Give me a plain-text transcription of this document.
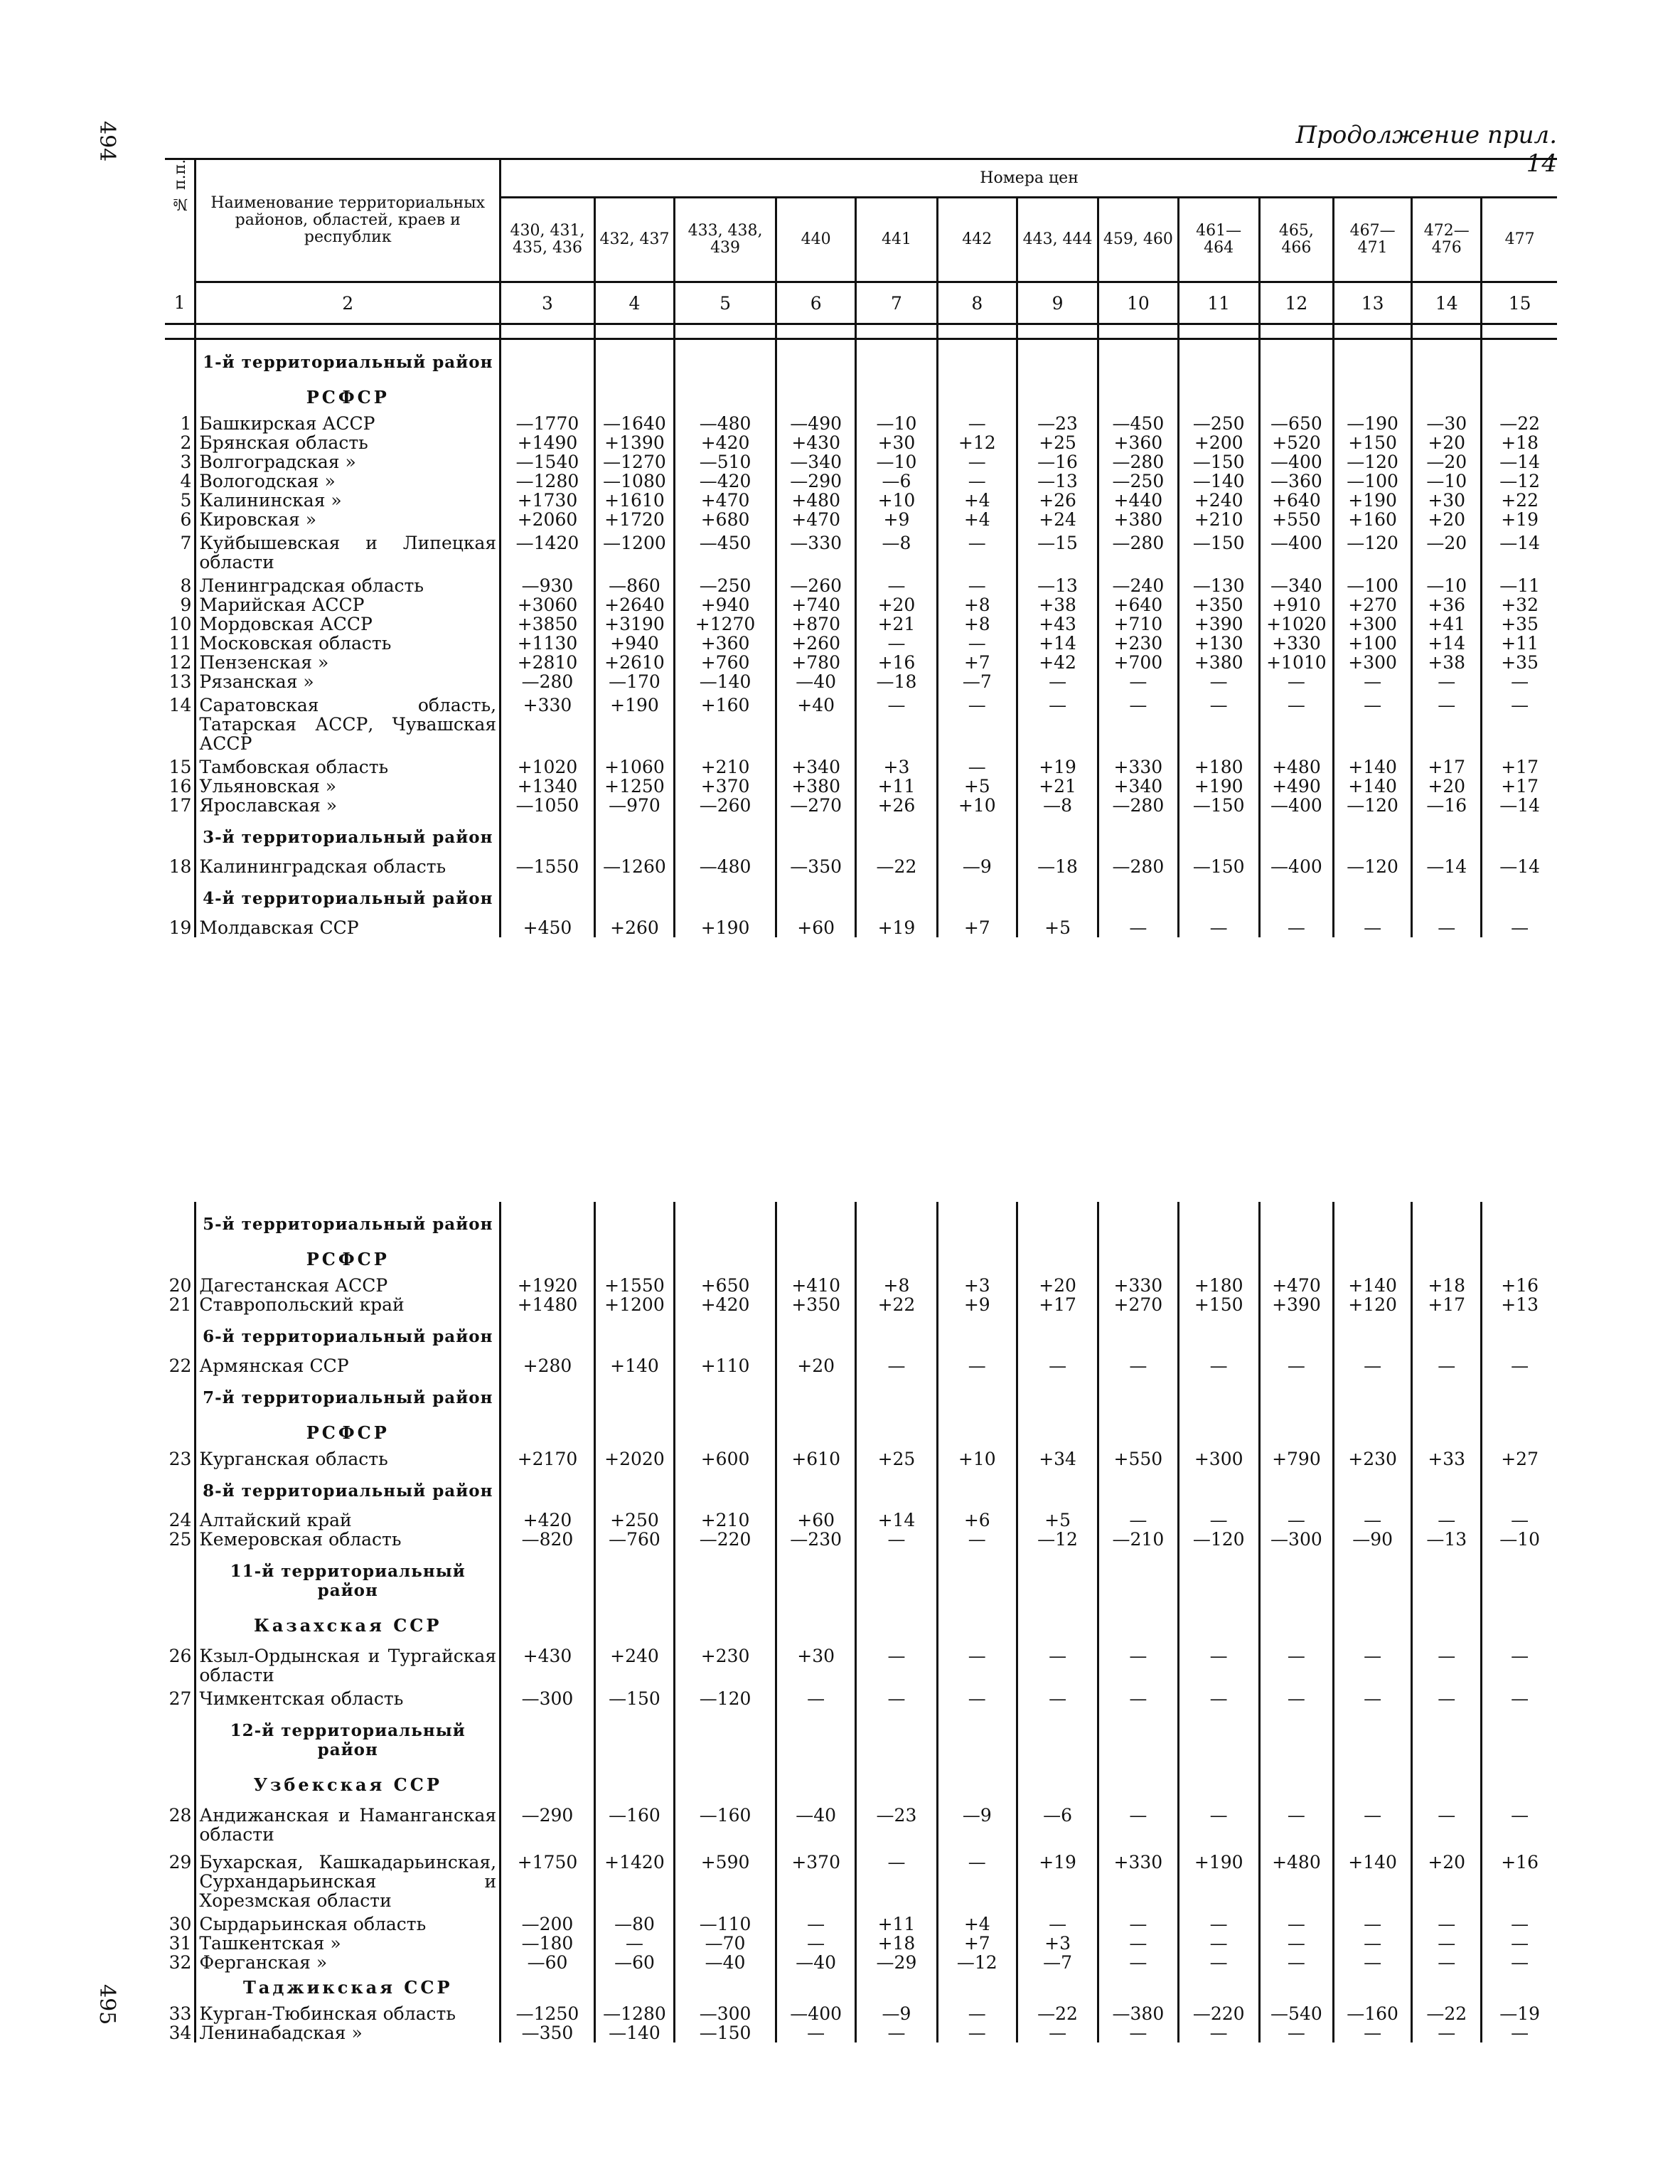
494	Продолжение прил. 14
№ п.п.	Наименование территориальных районов, областей, краев и республик	Номера цен												
		430, 431, 435, 436	432, 437	433, 438, 439	440	441	442	443, 444	459, 460	461—464	465, 466	467—471	472—476	477
1	2	3	4	5	6	7	8	9	10	11	12	13	14	15

	1-й территориальный район													
	РСФСР													
1	Башкирская АССР	—1770	—1640	—480	—490	—10	—	—23	—450	—250	—650	—190	—30	—22
2	Брянская область	+1490	+1390	+420	+430	+30	+12	+25	+360	+200	+520	+150	+20	+18
3	Волгоградская »	—1540	—1270	—510	—340	—10	—	—16	—280	—150	—400	—120	—20	—14
4	Вологодская »	—1280	—1080	—420	—290	—6	—	—13	—250	—140	—360	—100	—10	—12
5	Калининская »	+1730	+1610	+470	+480	+10	+4	+26	+440	+240	+640	+190	+30	+22
6	Кировская »	+2060	+1720	+680	+470	+9	+4	+24	+380	+210	+550	+160	+20	+19
7	Куйбышевская и Липецкая области	—1420	—1200	—450	—330	—8	—	—15	—280	—150	—400	—120	—20	—14
8	Ленинградская область	—930	—860	—250	—260	—	—	—13	—240	—130	—340	—100	—10	—11
9	Марийская АССР	+3060	+2640	+940	+740	+20	+8	+38	+640	+350	+910	+270	+36	+32
10	Мордовская АССР	+3850	+3190	+1270	+870	+21	+8	+43	+710	+390	+1020	+300	+41	+35
11	Московская область	+1130	+940	+360	+260	—	—	+14	+230	+130	+330	+100	+14	+11
12	Пензенская »	+2810	+2610	+760	+780	+16	+7	+42	+700	+380	+1010	+300	+38	+35
13	Рязанская »	—280	—170	—140	—40	—18	—7	—	—	—	—	—	—	—
14	Саратовская область, Татарская АССР, Чувашская АССР	+330	+190	+160	+40	—	—	—	—	—	—	—	—	—
15	Тамбовская область	+1020	+1060	+210	+340	+3	—	+19	+330	+180	+480	+140	+17	+17
16	Ульяновская »	+1340	+1250	+370	+380	+11	+5	+21	+340	+190	+490	+140	+20	+17
17	Ярославская »	—1050	—970	—260	—270	+26	+10	—8	—280	—150	—400	—120	—16	—14
	3-й территориальный район													
18	Калининградская область	—1550	—1260	—480	—350	—22	—9	—18	—280	—150	—400	—120	—14	—14
	4-й территориальный район													
19	Молдавская ССР	+450	+260	+190	+60	+19	+7	+5	—	—	—	—	—	—
	5-й территориальный район													
	РСФСР													
20	Дагестанская АССР	+1920	+1550	+650	+410	+8	+3	+20	+330	+180	+470	+140	+18	+16
21	Ставропольский край	+1480	+1200	+420	+350	+22	+9	+17	+270	+150	+390	+120	+17	+13
	6-й территориальный район													
22	Армянская ССР	+280	+140	+110	+20	—	—	—	—	—	—	—	—	—
	7-й территориальный район													
	РСФСР													
23	Курганская область	+2170	+2020	+600	+610	+25	+10	+34	+550	+300	+790	+230	+33	+27
	8-й территориальный район													
24	Алтайский край	+420	+250	+210	+60	+14	+6	+5	—	—	—	—	—	—
25	Кемеровская область	—820	—760	—220	—230	—	—	—12	—210	—120	—300	—90	—13	—10
	11-й территориальный район													
	Казахская ССР													
26	Кзыл-Ордынская и Тургайская области	+430	+240	+230	+30	—	—	—	—	—	—	—	—	—
27	Чимкентская область	—300	—150	—120	—	—	—	—	—	—	—	—	—	—
	12-й территориальный район													
	Узбекская ССР													
28	Андижанская и Наманганская области	—290	—160	—160	—40	—23	—9	—6	—	—	—	—	—	—
29	Бухарская, Кашкадарьинская, Сурхандарьинская и Хорезмская области	+1750	+1420	+590	+370	—	—	+19	+330	+190	+480	+140	+20	+16
30	Сырдарьинская область	—200	—80	—110	—	+11	+4	—	—	—	—	—	—	—
31	Ташкентская »	—180	—	—70	—	+18	+7	+3	—	—	—	—	—	—
32	Ферганская »	—60	—60	—40	—40	—29	—12	—7	—	—	—	—	—	—
	Таджикская ССР													
33	Курган-Тюбинская область	—1250	—1280	—300	—400	—9	—	—22	—380	—220	—540	—160	—22	—19
34	Ленинабадская »	—350	—140	—150	—	—	—	—	—	—	—	—	—	—
495
